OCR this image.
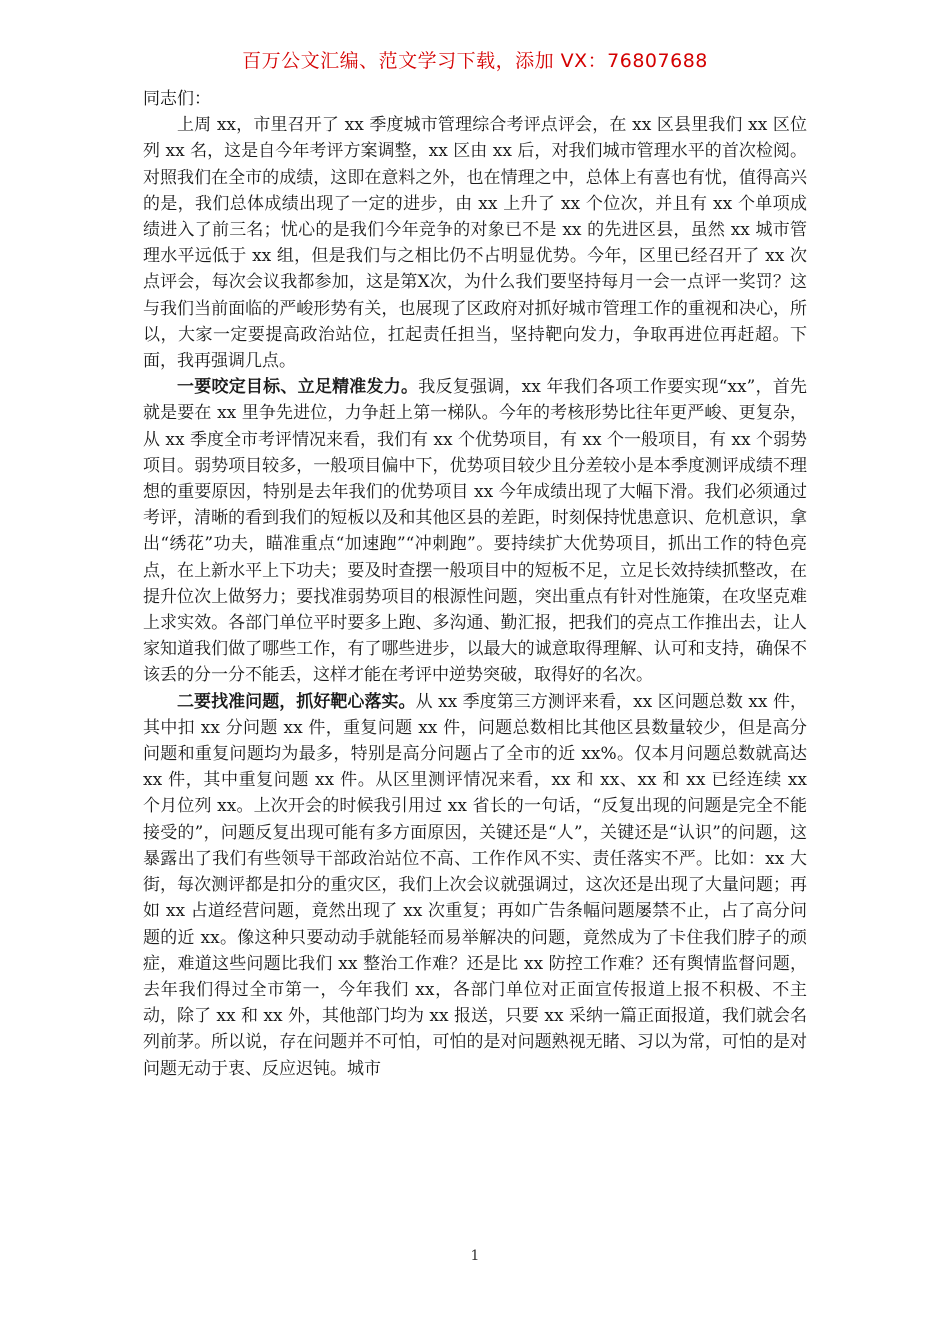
百万公文汇编、范文学习下载，添加 VX：76807688

同志们：

上周 xx，市里召开了 xx 季度城市管理综合考评点评会，在 xx 区县里我们 xx 区位列 xx 名，这是自今年考评方案调整，xx 区由 xx 后，对我们城市管理水平的首次检阅。对照我们在全市的成绩，这即在意料之外，也在情理之中，总体上有喜也有忧，值得高兴的是，我们总体成绩出现了一定的进步，由 xx 上升了 xx 个位次，并且有 xx 个单项成绩进入了前三名；忧心的是我们今年竞争的对象已不是 xx 的先进区县，虽然 xx 城市管理水平远低于 xx 组，但是我们与之相比仍不占明显优势。今年，区里已经召开了 xx 次点评会，每次会议我都参加，这是第Ⅹ次，为什么我们要坚持每月一会一点评一奖罚？这与我们当前面临的严峻形势有关，也展现了区政府对抓好城市管理工作的重视和决心，所以，大家一定要提高政治站位，扛起责任担当，坚持靶向发力，争取再进位再赶超。下面，我再强调几点。

一要咬定目标、立足精准发力。我反复强调，xx 年我们各项工作要实现“xx”，首先就是要在 xx 里争先进位，力争赶上第一梯队。今年的考核形势比往年更严峻、更复杂，从 xx 季度全市考评情况来看，我们有 xx 个优势项目，有 xx 个一般项目，有 xx 个弱势项目。弱势项目较多，一般项目偏中下，优势项目较少且分差较小是本季度测评成绩不理想的重要原因，特别是去年我们的优势项目 xx 今年成绩出现了大幅下滑。我们必须通过考评，清晰的看到我们的短板以及和其他区县的差距，时刻保持忧患意识、危机意识，拿出“绣花”功夫，瞄准重点“加速跑”“冲刺跑”。要持续扩大优势项目，抓出工作的特色亮点，在上新水平上下功夫；要及时查摆一般项目中的短板不足，立足长效持续抓整改，在提升位次上做努力；要找准弱势项目的根源性问题，突出重点有针对性施策，在攻坚克难上求实效。各部门单位平时要多上跑、多沟通、勤汇报，把我们的亮点工作推出去，让人家知道我们做了哪些工作，有了哪些进步，以最大的诚意取得理解、认可和支持，确保不该丢的分一分不能丢，这样才能在考评中逆势突破，取得好的名次。

二要找准问题，抓好靶心落实。从 xx 季度第三方测评来看，xx 区问题总数 xx 件，其中扣 xx 分问题 xx 件，重复问题 xx 件，问题总数相比其他区县数量较少，但是高分问题和重复问题均为最多，特别是高分问题占了全市的近 xx%。仅本月问题总数就高达 xx 件，其中重复问题 xx 件。从区里测评情况来看，xx 和 xx、xx 和 xx 已经连续 xx 个月位列 xx。上次开会的时候我引用过 xx 省长的一句话，“反复出现的问题是完全不能接受的”，问题反复出现可能有多方面原因，关键还是“人”，关键还是“认识”的问题，这暴露出了我们有些领导干部政治站位不高、工作作风不实、责任落实不严。比如：xx 大街，每次测评都是扣分的重灾区，我们上次会议就强调过，这次还是出现了大量问题；再如 xx 占道经营问题，竟然出现了 xx 次重复；再如广告条幅问题屡禁不止，占了高分问题的近 xx。像这种只要动动手就能轻而易举解决的问题，竟然成为了卡住我们脖子的顽症，难道这些问题比我们 xx 整治工作难？还是比 xx 防控工作难？还有舆情监督问题，去年我们得过全市第一，今年我们 xx，各部门单位对正面宣传报道上报不积极、不主动，除了 xx 和 xx 外，其他部门均为 xx 报送，只要 xx 采纳一篇正面报道，我们就会名列前茅。所以说，存在问题并不可怕，可怕的是对问题熟视无睹、习以为常，可怕的是对问题无动于衷、反应迟钝。城市

1
